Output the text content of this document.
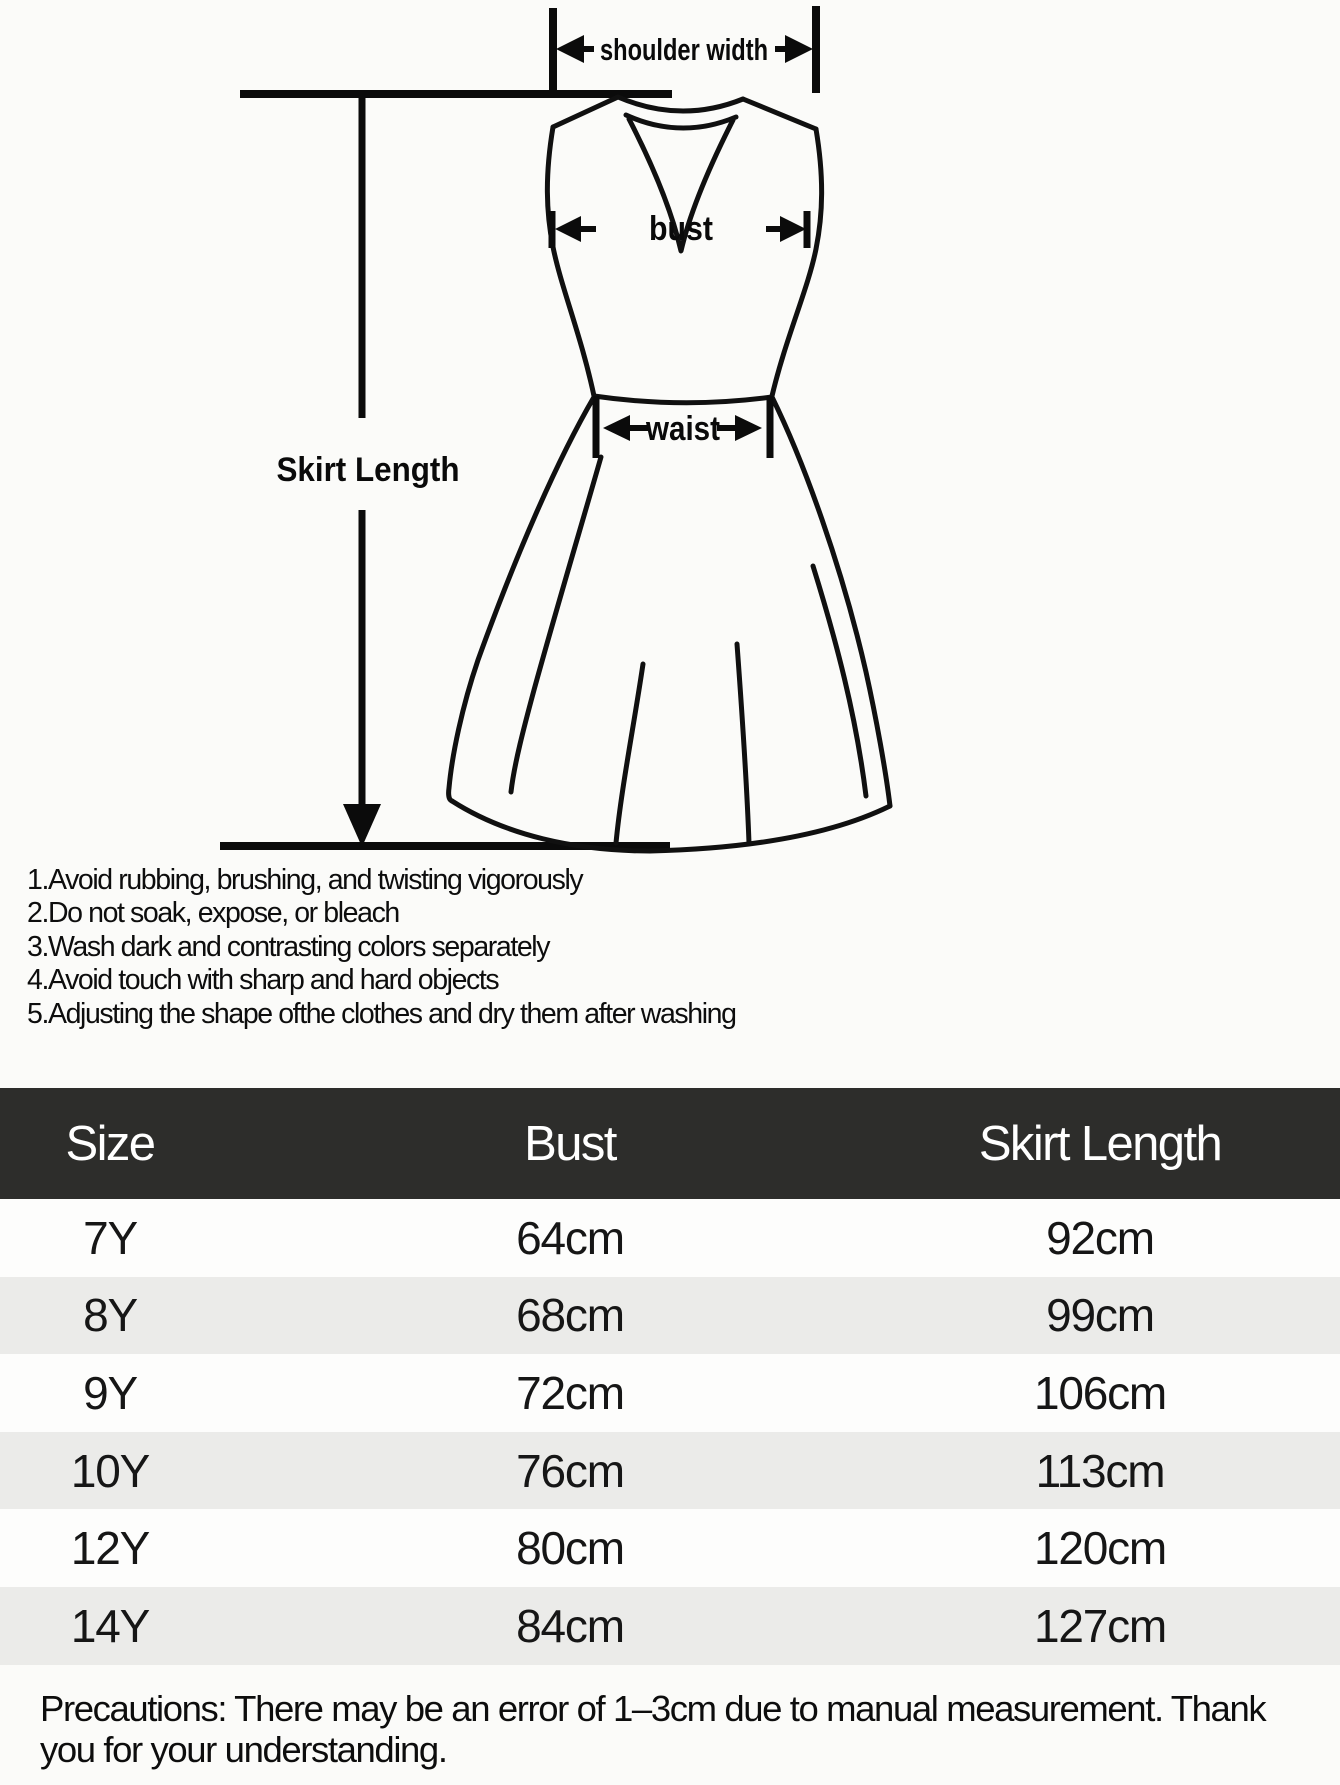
Skirt Length
shoulder width
bust
waist
1.Avoid rubbing, brushing, and twisting vigorously
2.Do not soak, expose, or bleach
3.Wash dark and contrasting colors separately
4.Avoid touch with sharp and hard objects
5.Adjusting the shape ofthe clothes and dry them after washing
Size	Bust	Skirt Length
7Y	64cm	92cm
8Y	68cm	99cm
9Y	72cm	106cm
10Y	76cm	113cm
12Y	80cm	120cm
14Y	84cm	127cm
Precautions: There may be an error of 1–3cm due to manual measurement. Thank you for your understanding.
